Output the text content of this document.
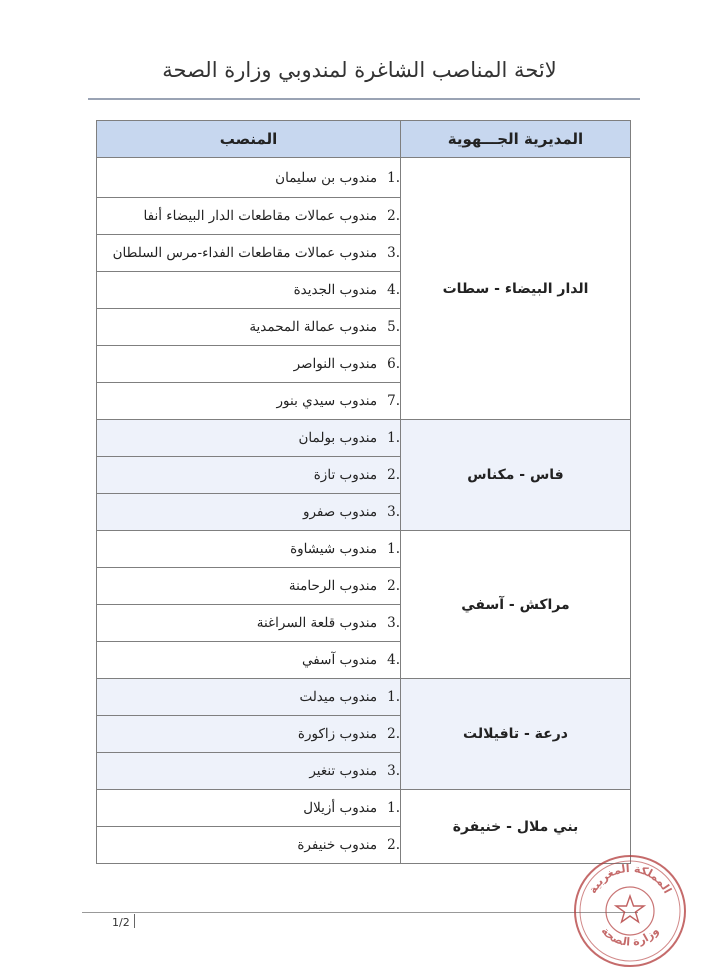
لائحة المناصب الشاغرة لمندوبي وزارة الصحة
المديرية الجـــهوية	المنصب
الدار البيضاء - سطات	1.مندوب بن سليمان
	2.مندوب عمالات مقاطعات الدار البيضاء أنفا
	3.مندوب عمالات مقاطعات الفداء-مرس السلطان
	4.مندوب الجديدة
	5.مندوب عمالة المحمدية
	6.مندوب النواصر
	7.مندوب سيدي بنور
فاس - مكناس	1.مندوب بولمان
	2.مندوب تازة
	3.مندوب صفرو
مراكش - آسفي	1.مندوب شيشاوة
	2.مندوب الرحامنة
	3.مندوب قلعة السراغنة
	4.مندوب آسفي
درعة - تافيلالت	1.مندوب ميدلت
	2.مندوب زاكورة
	3.مندوب تنغير
بني ملال - خنيفرة	1.مندوب أزيلال
	2.مندوب خنيفرة
1/2
المملكة المغربية
وزارة الصحة
